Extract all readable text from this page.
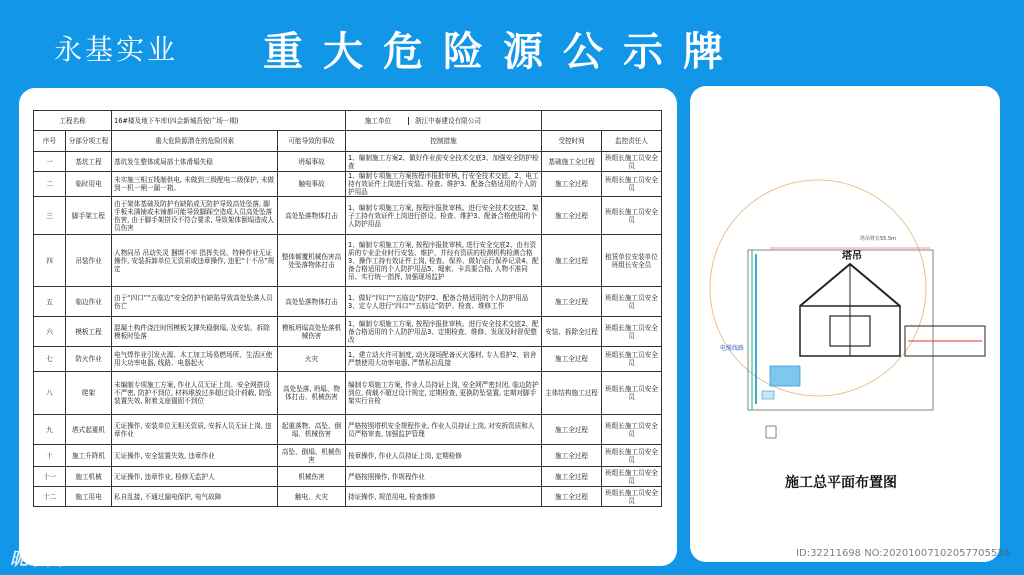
永基实业 重大危险源公示牌
工程名称		16#楼及地下车库(四会新城吾悦广场一期)		施工单位 浙江中泰建设有限公司		
序号	分部分项工程	重大危险源潜在的危险因素	可能导致的事故	控制措施	受控时间	监控责任人
一	基坑工程	基坑发生整体或局部土体滑塌失稳	坍塌事故	1、编制施工方案2、做好作业前安全技术交底3、加强安全防护检查	基础施工全过程	班组长施工员安全员
二	临时用电	未实施三相五线制供电, 未做到三级配电二级保护, 未做到一机一闸一漏一箱。	触电事故	1、编制专项施工方案按程序报批审核, 行安全技术交底。2、电工持有效证件上岗进行安装、检查、维护3、配备合格适用的个人防护用品	施工全过程	班组长施工员安全员
三	脚手架工程	由于架体基础及防护有缺陷或无防护导致高处坠落, 脚手板未满铺或未铺都可能导致脚踩空造成人员高处坠落伤害, 由于脚手架搭设不符合要求, 导致架体倒塌造成人员伤害	高处坠落物体打击	1、编制专项施工方案, 按程序报批审核。进行安全技术交底2、架子工持有效证件上岗进行搭设、检查、维护3、配备合格使用的个人防护用品	施工全过程	班组长施工员安全员
四	吊装作业	人物同吊 吊动失灵 捆绑不牢 指挥失误、特种作业无证操作, 安装拆卸单位无资质或违章操作, 违犯“十不吊”规定	整体倾覆机械伤害高处坠落物体打击	1、编制专项施工方案, 按程序报批审核, 进行安全交底2、由有资质的专业企业时行安装、维护、并经有资质的检测机构检测合格3、操作工持有效证件上岗, 检查、保养、做好运行保养记录4、配备合格适用的个人防护用品5、绳索、卡具要合格, 人物不准同吊、实行统一指挥, 加强现场监护	施工全过程	租赁单位安装单位班组长安全员
五	临边作业	由于“四口”“五临边”安全防护有缺陷导致高处坠落人员伤亡	高处坠落物体打击	1、做好“四口”“五临边”防护2、配备合格适用的个人防护用品3、定专人进行“四口”“五临边”防护、检查、维修工作	施工全过程	班组长施工员安全员
六	模板工程	混凝土构件浇注时因模板支撑失稳倒塌, 及安装、拆除模板时坠落	模板坍塌高处坠落机械伤害	1、编制专项施工方案, 按程序报批审核。进行安全技术交底2、配备合格适用的个人防护用品3、定期检查、维修、发现及时督促整改	安装、拆除全过程	班组长施工员安全员
七	防火作业	电气焊作业引发火源、木工加工场易燃场所、生活区使用大功率电器, 线路、电器起火	火灾	1、建立动火许可制度, 动火现场配备灭火器材, 专人看护2、宿舍严禁使用大功率电器, 严禁私拉乱接	施工全过程	班组长施工员安全员
八	爬架	未编制专项施工方案, 作业人员无证上岗。安全网搭设不严密, 防护不到位, 材料堆放过多超过设计荷载, 防坠装置失效, 附着支座锚固不到位	高处坠落, 坍塌、物体打击、机械伤害	编制专项施工方案, 作业人员持证上岗, 安全网严密封闭, 临边防护到位, 荷载不超过设计规定, 定期检查, 更换防坠装置, 定期对脚手架实行自检	主体结构施工过程	班组长施工员安全员
九	塔式起重机	无证操作, 安装单位无相关资质, 安拆人员无证上岗, 违章作业	起重落物、高坠、倒塌、机械伤害	严格按照塔机安全规程作业, 作业人员持证上岗, 对安拆资质和人员严格审查, 加强监护管理	施工全过程	班组长施工员安全员
十	施工升降机	无证操作, 安全装置失效, 违章作业	高坠、倒塌、机械伤害	按章操作, 作业人员持证上岗, 定期检修	施工全过程	班组长施工员安全员
十一	施工机械	无证操作, 违章作业, 检修无监护人	机械伤害	严格按照操作, 作规程作业	施工全过程	班组长施工员安全员
十二	施工用电	私自乱接, 不通过漏电保护, 电气故障	触电、火灾	持证操作, 规范用电, 检查维修	施工全过程	班组长施工员安全员
塔吊
塔吊臂长55.5m
电缆线路
施工总平面布置图
昵享网	www.nipic.cn	ID:32211698 NO:20201007102057705534
